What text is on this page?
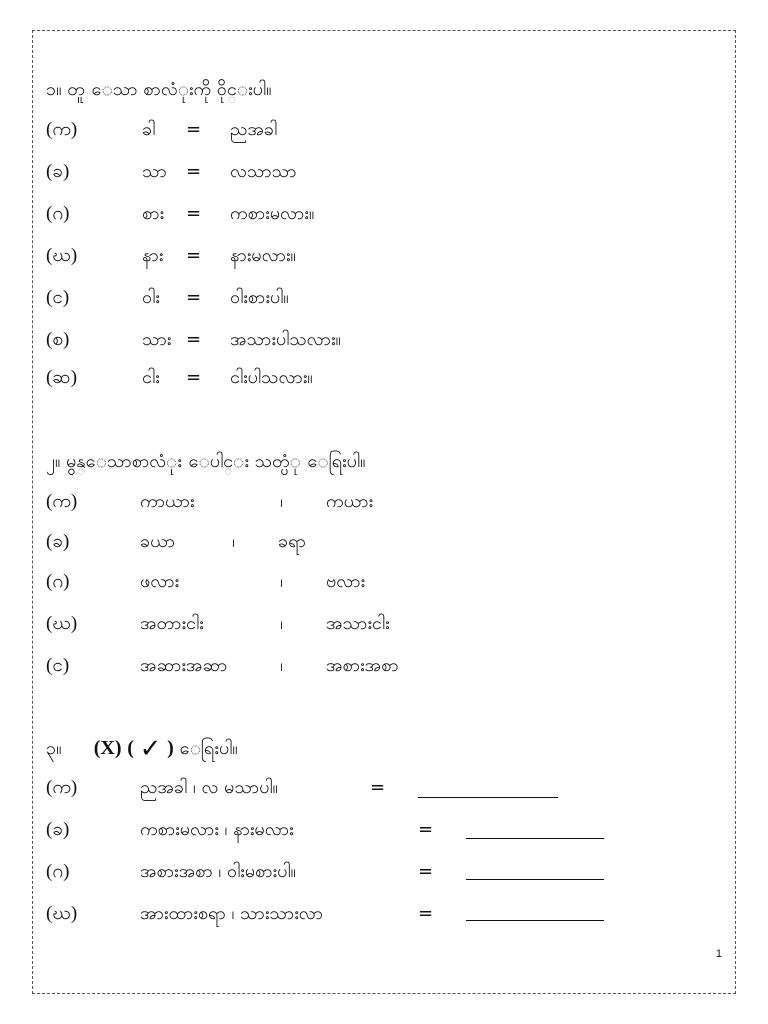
၁။ တူ ေသာ စာလံုးကို ဝိုင္းပါ။
(က)	ခါ = ညအခါ
(ခ)	သာ = လသာသာ
(ဂ)	စား = ကစားမလား။
(ဃ)	နား = နားမလား။
(င)	ဝါး = ဝါးစားပါ။
(စ)	သား = အသားပါသလား။
(ဆ)	ငါး = ငါးပါသလား။
၂။ မွန္ေသာစာလံုး ေပါင္း သတ္ပံု ေရြးပါ။
(က)	ကာယား	၊ ကယား
(ခ)	ခယာ	၊ ခရာ
(ဂ)	ဖလား	၊ ဗလား
(ဃ)	အတားငါး	၊ အသားငါး
(င)	အဆားအဆာ	၊ အစားအစာ
၃။ (X) ( ✓ ) ေရြးပါ။
(က)	ညအခါ ၊ လ မသာပါ။	=
(ခ)	ကစားမလား ၊ နားမလား	=
(ဂ)	အစားအစာ ၊ ဝါးမစားပါ။	=
(ဃ)	အားထားစရာ ၊ သားသားလာ	=
1
